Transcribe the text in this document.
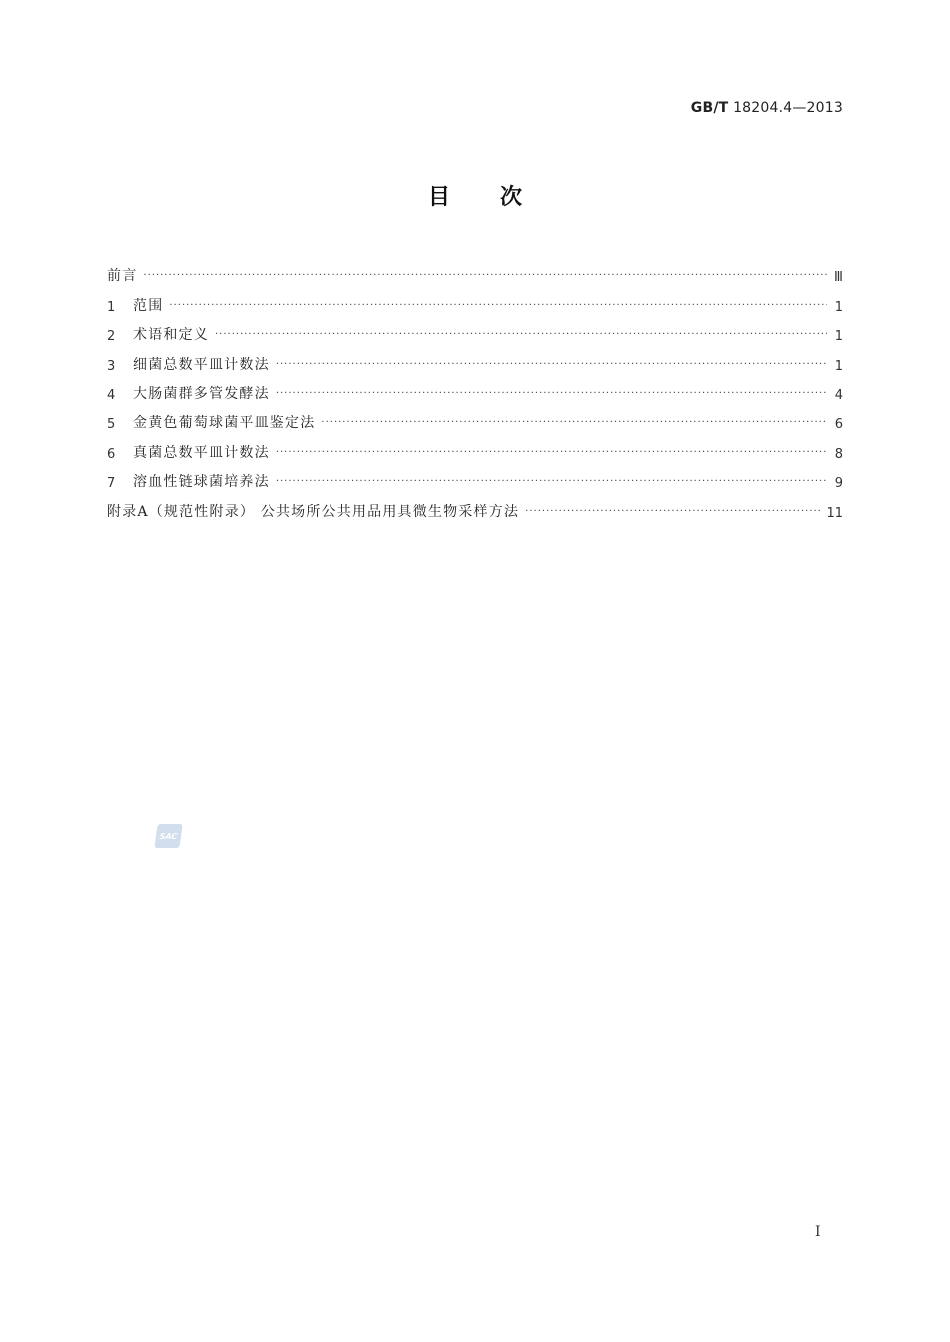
GB/T 18204.4—2013
目次
前言 ·····	Ⅲ
1	范围 ·····	1
2	术语和定义 ·····	1
3	细菌总数平皿计数法 ·····	1
4	大肠菌群多管发酵法 ·····	4
5	金黄色葡萄球菌平皿鉴定法 ·····	6
6	真菌总数平皿计数法 ·····	8
7	溶血性链球菌培养法 ·····	9
附录A（规范性附录） 公共场所公共用品用具微生物采样方法 ·····	11
SAC
I
